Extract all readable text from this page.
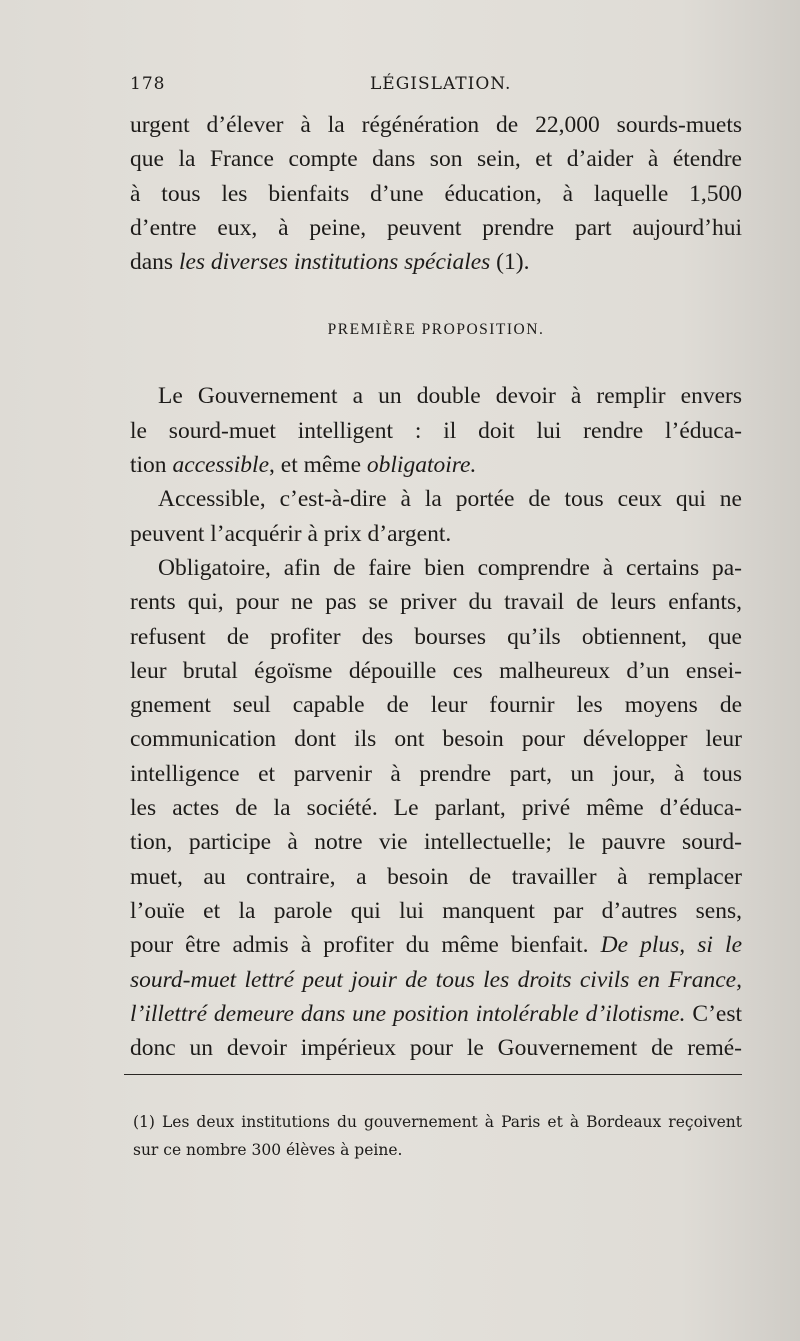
178	LÉGISLATION.
urgent d’élever à la régénération de 22,000 sourds-muets
que la France compte dans son sein, et d’aider à étendre
à tous les bienfaits d’une éducation, à laquelle 1,500
d’entre eux, à peine, peuvent prendre part aujourd’hui
dans les diverses institutions spéciales (1).
PREMIÈRE PROPOSITION.
Le Gouvernement a un double devoir à remplir envers
le sourd-muet intelligent : il doit lui rendre l’éduca-
tion accessible, et même obligatoire.
Accessible, c’est-à-dire à la portée de tous ceux qui ne
peuvent l’acquérir à prix d’argent.
Obligatoire, afin de faire bien comprendre à certains pa-
rents qui, pour ne pas se priver du travail de leurs enfants,
refusent de profiter des bourses qu’ils obtiennent, que
leur brutal égoïsme dépouille ces malheureux d’un ensei-
gnement seul capable de leur fournir les moyens de
communication dont ils ont besoin pour développer leur
intelligence et parvenir à prendre part, un jour, à tous
les actes de la société. Le parlant, privé même d’éduca-
tion, participe à notre vie intellectuelle; le pauvre sourd-
muet, au contraire, a besoin de travailler à remplacer
l’ouïe et la parole qui lui manquent par d’autres sens,
pour être admis à profiter du même bienfait. De plus, si le
sourd-muet lettré peut jouir de tous les droits civils en France,
l’illettré demeure dans une position intolérable d’ilotisme. C’est
donc un devoir impérieux pour le Gouvernement de remé-
(1) Les deux institutions du gouvernement à Paris et à Bordeaux reçoivent
sur ce nombre 300 élèves à peine.
